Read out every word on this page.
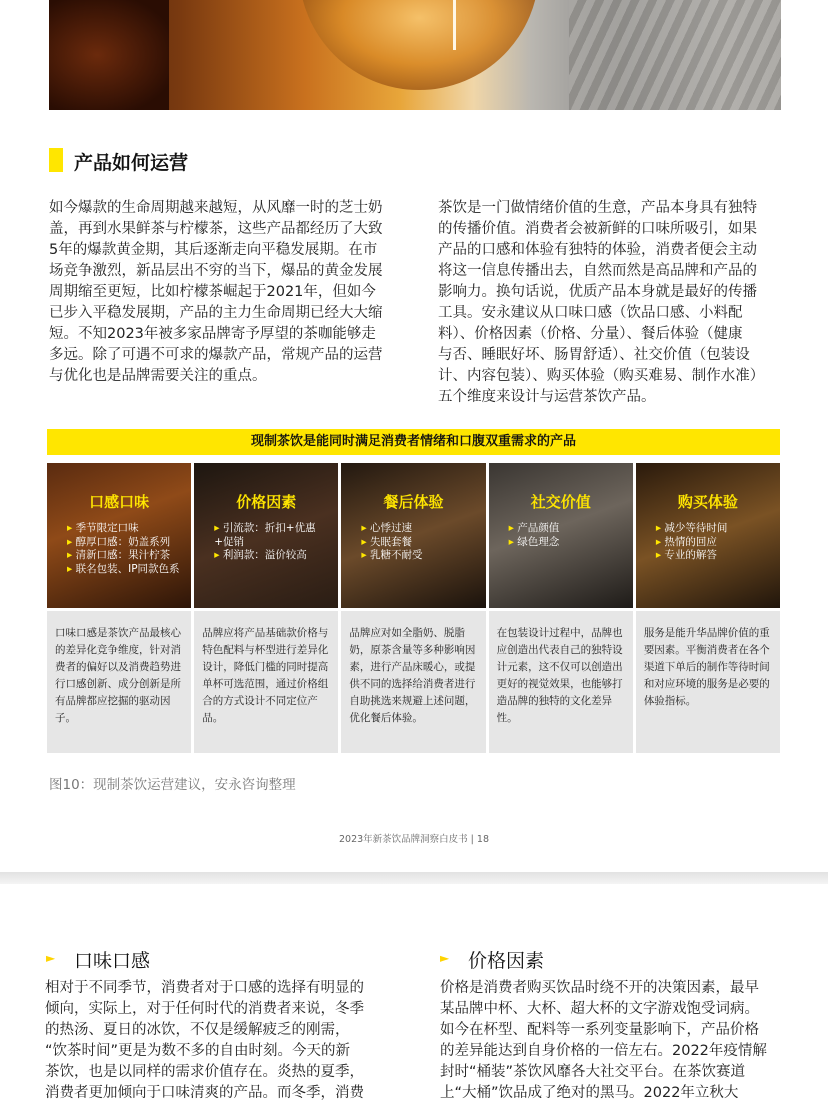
产品如何运营
如今爆款的生命周期越来越短，从风靡一时的芝士奶
盖，再到水果鲜茶与柠檬茶，这些产品都经历了大致
5年的爆款黄金期，其后逐渐走向平稳发展期。在市
场竞争激烈，新品层出不穷的当下，爆品的黄金发展
周期缩至更短，比如柠檬茶崛起于2021年，但如今
已步入平稳发展期，产品的主力生命周期已经大大缩
短。不知2023年被多家品牌寄予厚望的茶咖能够走
多远。除了可遇不可求的爆款产品，常规产品的运营
与优化也是品牌需要关注的重点。
茶饮是一门做情绪价值的生意，产品本身具有独特
的传播价值。消费者会被新鲜的口味所吸引，如果
产品的口感和体验有独特的体验，消费者便会主动
将这一信息传播出去，自然而然是高品牌和产品的
影响力。换句话说，优质产品本身就是最好的传播
工具。安永建议从口味口感（饮品口感、小料配
料）、价格因素（价格、分量）、餐后体验（健康
与否、睡眠好坏、肠胃舒适）、社交价值（包装设
计、内容包装）、购买体验（购买难易、制作水准）
五个维度来设计与运营茶饮产品。
现制茶饮是能同时满足消费者情绪和口腹双重需求的产品
口感口味
▸ 季节限定口味
▸ 醇厚口感：奶盖系列
▸ 清新口感：果汁柠茶
▸ 联名包装、IP同款色系
口味口感是茶饮产品最核心的差异化竞争维度，针对消费者的偏好以及消费趋势进行口感创新、成分创新是所有品牌都应挖掘的驱动因子。
价格因素
▸ 引流款：折扣+优惠+促销
▸ 利润款：溢价较高
品牌应将产品基础款价格与特色配料与杯型进行差异化设计，降低门槛的同时提高单杯可选范围，通过价格组合的方式设计不同定位产品。
餐后体验
▸ 心悸过速
▸ 失眠套餐
▸ 乳糖不耐受
品牌应对如全脂奶、脱脂奶，原茶含量等多种影响因素，进行产品床暖心，或提供不同的选择给消费者进行自助挑选来规避上述问题，优化餐后体验。
社交价值
▸ 产品颜值
▸ 绿色理念
在包装设计过程中，品牌也应创造出代表自己的独特设计元素，这不仅可以创造出更好的视觉效果，也能够打造品牌的独特的文化差异性。
购买体验
▸ 减少等待时间
▸ 热情的回应
▸ 专业的解答
服务是能升华品牌价值的重要因素。平衡消费者在各个渠道下单后的制作等待时间和对应环境的服务是必要的体验指标。
图10：现制茶饮运营建议，安永咨询整理
2023年新茶饮品牌洞察白皮书 | 18
► 口味口感
相对于不同季节，消费者对于口感的选择有明显的
倾向，实际上，对于任何时代的消费者来说，冬季
的热汤、夏日的冰饮，不仅是缓解疲乏的刚需，
“饮茶时间”更是为数不多的自由时刻。今天的新
茶饮，也是以同样的需求价值存在。炎热的夏季，
消费者更加倾向于口味清爽的产品。而冬季，消费
► 价格因素
价格是消费者购买饮品时绕不开的决策因素，最早
某品牌中杯、大杯、超大杯的文字游戏饱受词病。
如今在杯型、配料等一系列变量影响下，产品价格
的差异能达到自身价格的一倍左右。2022年疫情解
封时“桶装”茶饮风靡各大社交平台。在茶饮赛道
上“大桶”饮品成了绝对的黑马。2022年立秋大
